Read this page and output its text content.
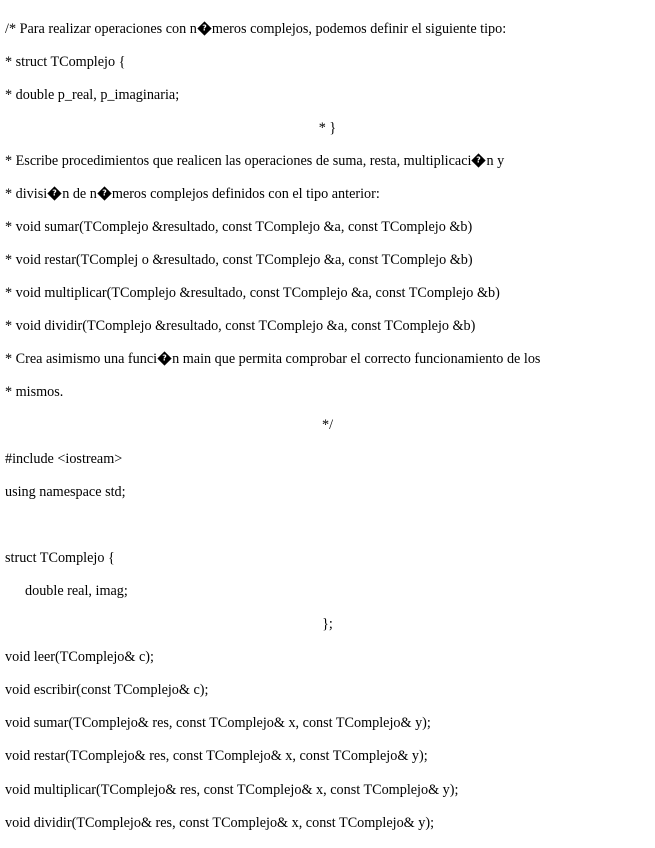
/* Para realizar operaciones con n ? meros complejos, podemos definir el siguiente tipo:
* struct TComplejo {
* double p_real, p_imaginaria;
* }
* Escribe procedimientos que realicen las operaciones de suma, resta, multiplicaci ? n y
* divisi ? n de n ? meros complejos definidos con el tipo anterior:
* void sumar(TComplejo &resultado, const TComplejo &a, const TComplejo &b)
* void restar(TComplej o &resultado, const TComplejo &a, const TComplejo &b)
* void multiplicar(TComplejo &resultado, const TComplejo &a, const TComplejo &b)
* void dividir(TComplejo &resultado, const TComplejo &a, const TComplejo &b)
* Crea asimismo una funci ? n main que permita comprobar el correcto funcionamiento de los
* mismos.
*/
#include <iostream>
using namespace std;
struct TComplejo {
double real, imag;
};
void leer(TComplejo& c);
void escribir(const TComplejo& c);
void sumar(TComplejo& res, const TComplejo& x, const TComplejo& y);
void restar(TComplejo& res, const TComplejo& x, const TComplejo& y);
void multiplicar(TComplejo& res, const TComplejo& x, const TComplejo& y);
void dividir(TComplejo& res, const TComplejo& x, const TComplejo& y);
